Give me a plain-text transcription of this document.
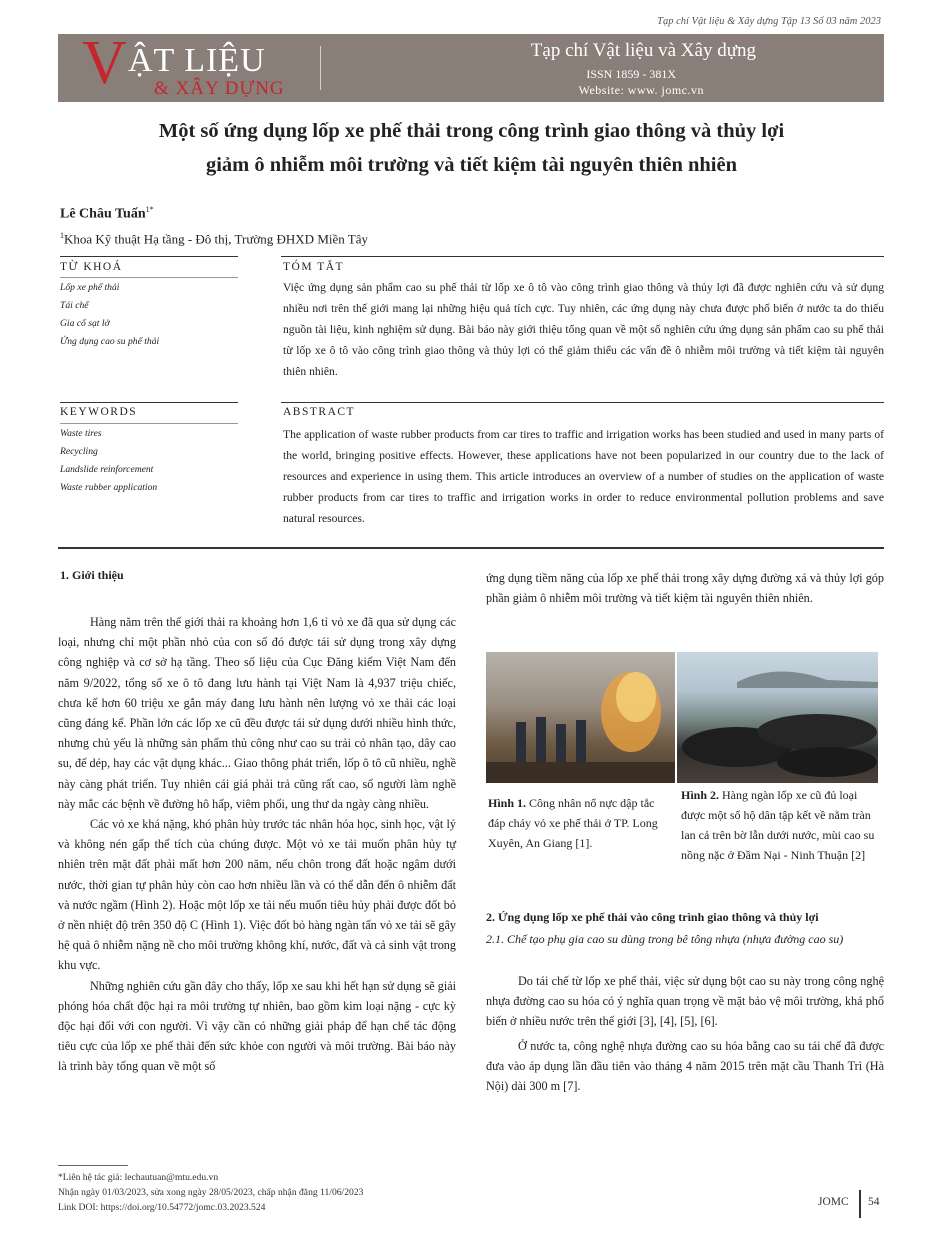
Tạp chí Vật liệu & Xây dựng Tập 13 Số 03 năm 2023
V ẬT LIỆU
& XÂY DỰNG
Tạp chí Vật liệu và Xây dựng
ISSN 1859 - 381X
Website: www. jomc.vn
Một số ứng dụng lốp xe phế thải trong công trình giao thông và thủy lợi
giảm ô nhiễm môi trường và tiết kiệm tài nguyên thiên nhiên
Lê Châu Tuấn$^{1*}$
$^1$Khoa Kỹ thuật Hạ tầng - Đô thị, Trường ĐHXD Miền Tây
TỪ KHOÁ	TÓM TẮT
Lốp xe phế thải
Tái chế
Gia cố sạt lở
Ứng dụng cao su phế thải
Việc ứng dụng sản phẩm cao su phế thải từ lốp xe ô tô vào công trình giao thông và thủy lợi đã được nghiên cứu và sử dụng nhiều nơi trên thế giới mang lại những hiệu quả tích cực. Tuy nhiên, các ứng dụng này chưa được phổ biến ở nước ta do thiếu nguồn tài liệu, kinh nghiệm sử dụng. Bài báo này giới thiệu tổng quan về một số nghiên cứu ứng dụng sản phẩm cao su phế thải từ lốp xe ô tô vào công trình giao thông và thủy lợi có thể giảm thiểu các vấn đề ô nhiễm môi trường và tiết kiệm tài nguyên thiên nhiên.
KEYWORDS	ABSTRACT
Waste tires
Recycling
Landslide reinforcement
Waste rubber application
The application of waste rubber products from car tires to traffic and irrigation works has been studied and used in many parts of the world, bringing positive effects. However, these applications have not been popularized in our country due to the lack of resources and experience in using them. This article introduces an overview of a number of studies on the application of waste rubber products from car tires to traffic and irrigation works in order to reduce environmental pollution problems and save natural resources.
1. Giới thiệu

Hàng năm trên thế giới thải ra khoảng hơn 1,6 tỉ vỏ xe đã qua sử dụng các loại, nhưng chỉ một phần nhỏ của con số đó được tái sử dụng trong xây dựng công nghiệp và cơ sở hạ tầng. Theo số liệu của Cục Đăng kiểm Việt Nam đến năm 9/2022, tổng số xe ô tô đang lưu hành tại Việt Nam là 4,937 triệu chiếc, chưa kể hơn 60 triệu xe gắn máy đang lưu hành nên lượng vỏ xe thải các loại cũng đáng kể. Phần lớn các lốp xe cũ đều được tái sử dụng dưới nhiều hình thức, nhưng chủ yếu là những sản phẩm thủ công như cao su trải cỏ nhân tạo, dây cao su, đế dép, hay các vật dụng khác... Giao thông phát triển, lốp ô tô cũ nhiều, nghề này càng phát triển. Tuy nhiên cái giá phải trả cũng rất cao, số người làm nghề này mắc các bệnh về đường hô hấp, viêm phổi, ung thư da ngày càng nhiều.

Các vỏ xe khá nặng, khó phân hủy trước tác nhân hóa học, sinh học, vật lý và không nén gấp thể tích của chúng được. Một vỏ xe tải muốn phân hủy tự nhiên trên mặt đất phải mất hơn 200 năm, nếu chôn trong đất hoặc ngâm dưới nước, thời gian tự phân hủy còn cao hơn nhiều lần và có thể dẫn đến ô nhiễm đất và nước ngầm (Hình 2). Hoặc một lốp xe tải nếu muốn tiêu hủy phải được đốt bỏ ở nền nhiệt độ trên 350 độ C (Hình 1). Việc đốt bỏ hàng ngàn tấn vỏ xe tải sẽ gây hệ quả ô nhiễm nặng nề cho môi trường không khí, nước, đất và cả sinh vật trong khu vực.

Những nghiên cứu gần đây cho thấy, lốp xe sau khi hết hạn sử dụng sẽ giải phóng hóa chất độc hại ra môi trường tự nhiên, bao gồm kim loại nặng - cực kỳ độc hại đối với con người. Vì vậy cần có những giải pháp để hạn chế tác động tiêu cực của lốp xe phế thải đến sức khỏe con người và môi trường. Bài báo này là trình bày tổng quan về một số

ứng dụng tiềm năng của lốp xe phế thải trong xây dựng đường xá và thủy lợi góp phần giảm ô nhiễm môi trường và tiết kiệm tài nguyên thiên nhiên.
Hình 1. Công nhân nổ nực dập tắc đáp cháy vỏ xe phế thải ở TP. Long Xuyên, An Giang [1].
Hình 2. Hàng ngàn lốp xe cũ đủ loại được một số hộ dân tập kết về nằm tràn lan cả trên bờ lẫn dưới nước, mùi cao su nồng nặc ở Đầm Nại - Ninh Thuận [2]
2. Ứng dụng lốp xe phế thải vào công trình giao thông và thủy lợi
2.1. Chế tạo phụ gia cao su dùng trong bê tông nhựa (nhựa đường cao su)

Do tái chế từ lốp xe phế thải, việc sử dụng bột cao su này trong công nghệ nhựa đường cao su hóa có ý nghĩa quan trọng về mặt bảo vệ môi trường, khá phổ biến ở nhiều nước trên thế giới [3], [4], [5], [6].

Ở nước ta, công nghệ nhựa đường cao su hóa bằng cao su tái chế đã được đưa vào áp dụng lần đầu tiên vào tháng 4 năm 2015 trên mặt cầu Thanh Trì (Hà Nội) dài 300 m [7].

*Liên hệ tác giả: lechautuan@mtu.edu.vn
Nhận ngày 01/03/2023, sửa xong ngày 28/05/2023, chấp nhận đăng 11/06/2023
Link DOI: https://doi.org/10.54772/jomc.03.2023.524	JOMC 54
